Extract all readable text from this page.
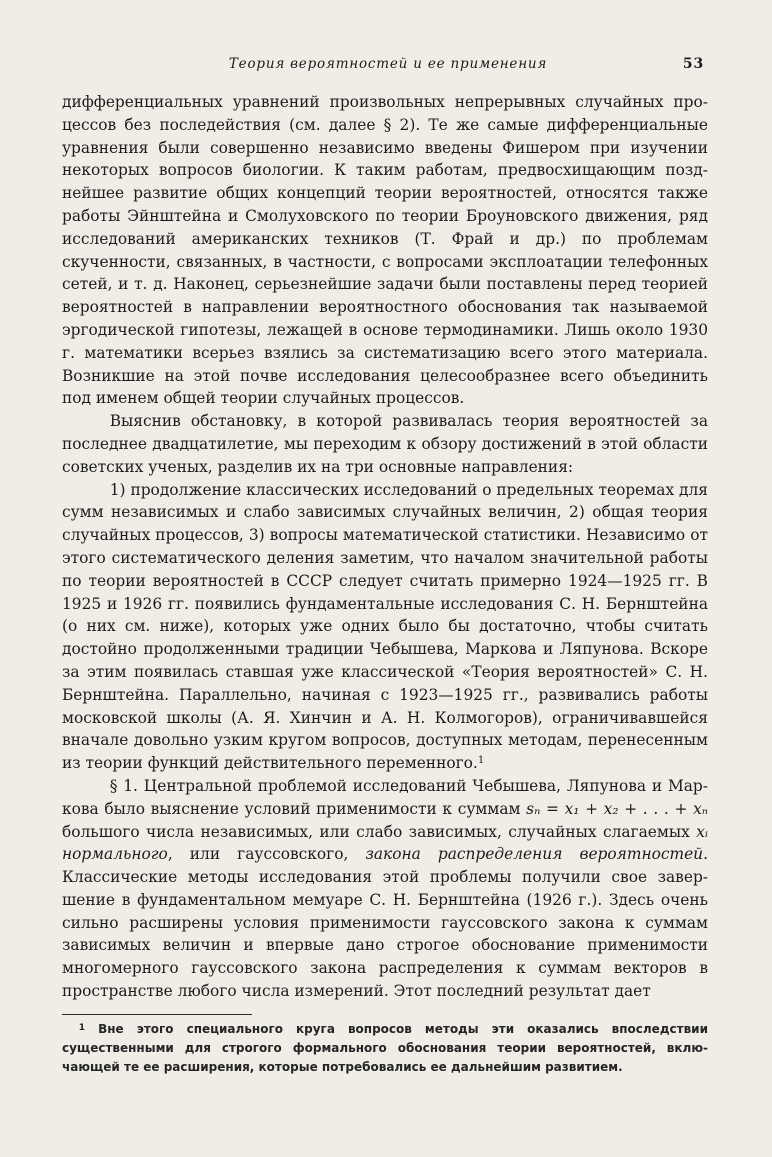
Теория вероятностей и ее применения	53

дифференциальных уравнений произвольных непрерывных случайных процессов без последействия (см. далее § 2). Те же самые дифференциальные уравнения были совершенно независимо введены Фишером при изучении некоторых вопросов биологии. К таким работам, предвосхищающим позднейшее развитие общих концепций теории вероятностей, относятся также работы Эйнштейна и Смолуховского по теории Броуновского движения, ряд исследований американских техников (Т. Фрай и др.) по проблемам скученности, связанных, в частности, с вопросами эксплоатации телефонных сетей, и т. д. Наконец, серьезнейшие задачи были поставлены перед теорией вероятностей в направлении вероятностного обоснования так называемой эргодической гипотезы, лежащей в основе термодинамики. Лишь около 1930 г. математики всерьез взялись за систематизацию всего этого материала. Возникшие на этой почве исследования целесообразнее всего объединить под именем общей теории случайных процессов.

Выяснив обстановку, в которой развивалась теория вероятностей за последнее двадцатилетие, мы переходим к обзору достижений в этой области советских ученых, разделив их на три основные направления:

1) продолжение классических исследований о предельных теоремах для сумм независимых и слабо зависимых случайных величин, 2) общая теория случайных процессов, 3) вопросы математической статистики. Независимо от этого систематического деления заметим, что началом значительной работы по теории вероятностей в СССР следует считать примерно 1924—1925 гг. В 1925 и 1926 гг. появились фундаментальные исследования С. Н. Бернштейна (о них см. ниже), которых уже одних было бы достаточно, чтобы считать достойно продолженными традиции Чебышева, Маркова и Ляпунова. Вскоре за этим появилась ставшая уже классической «Теория вероятностей» С. Н. Бернштейна. Параллельно, начиная с 1923—1925 гг., развивались работы московской школы (А. Я. Хинчин и А. Н. Колмогоров), ограничивавшейся вначале довольно узким кругом вопросов, доступных методам, перенесенным из теории функций действительного переменного.$^1$

§ 1. Центральной проблемой исследований Чебышева, Ляпунова и Маркова было выяснение условий применимости к суммам sₙ = x₁ + x₂ + . . . + xₙ большого числа независимых, или слабо зависимых, случайных слагаемых xᵢ нормального, или гауссовского, закона распределения вероятностей. Классические методы исследования этой проблемы получили свое завершение в фундаментальном мемуаре С. Н. Бернштейна (1926 г.). Здесь очень сильно расширены условия применимости гауссовского закона к суммам зависимых величин и впервые дано строгое обоснование применимости многомерного гауссовского закона распределения к суммам векторов в пространстве любого числа измерений. Этот последний результат дает

$^1$ Вне этого специального круга вопросов методы эти оказались впоследствии существенными для строгого формального обоснования теории вероятностей, включающей те ее расширения, которые потребовались ее дальнейшим развитием.
